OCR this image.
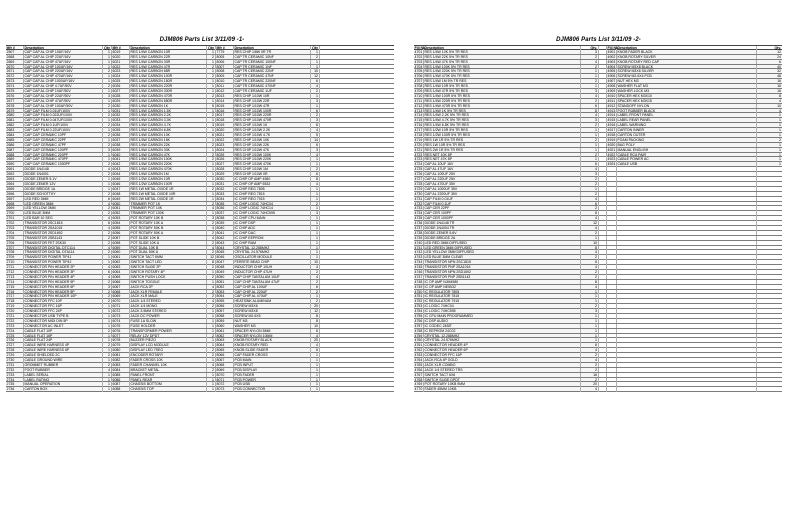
DJM806 Parts List 3/11/09 -1-
Mfr #	Description	Qty Mfr #	Description	Qty Mfr #	Description	Qty
2507	CAP CAP AL CHIP 10UF/16V	1 6019	RES 1/4W CARBON 10R	1 7779	RES CHIP 1/8W 0R TR	1
2668	CAP CAP AL CHIP 22UF/16V	1 6020	RES 1/4W CARBON 22R	2 8005	CAP TR CERAMIC 10NF	2
2669	CAP CAP AL CHIP 47UF/16V	1 6021	RES 1/4W CARBON 33R	1 8006	CAP TR CERAMIC 100NF	1
2670	CAP CAP AL CHIP 100UF/16V	1 6022	RES 1/4W CARBON 47R	2 8007	CAP TR CERAMIC 1NF	1
2671	CAP CAP AL CHIP 220UF/16V	2 6023	RES 1/4W CARBON 68R	1 8008	CAP TR CERAMIC 22NF	10
2672	CAP CAP AL CHIP 470UF/16V	1 6024	RES 1/4W CARBON 100R	2 8009	CAP TR CERAMIC 47NF	12
2673	CAP CAP AL CHIP 1000UF/16V	1 6025	RES 1/4W CARBON 150R	1 8010	CAP TR CERAMIC 220NF	6
2674	CAP CAP AL CHIP 4.7UF/50V	2 6026	RES 1/4W CARBON 220R	1 8011	CAP TR CERAMIC 470NF	4
2675	CAP CAP AL CHIP 10UF/50V	1 6027	RES 1/4W CARBON 330R	1 8012	CAP TR CERAMIC 1UF	2
2676	CAP CAP AL CHIP 22UF/50V	3 6028	RES 1/4W CARBON 470R	2 8013	RES CHIP 1/10W 10R	1
2677	CAP CAP AL CHIP 47UF/50V	1 6029	RES 1/4W CARBON 680R	1 8014	RES CHIP 1/10W 22R	3
2678	CAP CAP AL CHIP 100UF/50V	2 6030	RES 1/4W CARBON 1K	5 8015	RES CHIP 1/10W 47R	1
2679	CAP CAP FILM 0.01UF/100V	1 6031	RES 1/4W CARBON 1.5K	1 8016	RES CHIP 1/10W 100R	6
2680	CAP CAP FILM 0.022UF/100V	2 6032	RES 1/4W CARBON 2.2K	2 8017	RES CHIP 1/10W 220R	2
2681	CAP CAP FILM 0.047UF/100V	1 6033	RES 1/4W CARBON 3.3K	1 8018	RES CHIP 1/10W 470R	3
2682	CAP CAP FILM 0.1UF/100V	2 6034	RES 1/4W CARBON 4.7K	3 8019	RES CHIP 1/10W 1K	8
2683	CAP CAP FILM 0.22UF/100V	1 6035	RES 1/4W CARBON 6.8K	1 8020	RES CHIP 1/10W 2.2K	4
2684	CAP CAP CERAMIC 10PF	2 6036	RES 1/4W CARBON 10K	6 8021	RES CHIP 1/10W 4.7K	5
2685	CAP CAP CERAMIC 22PF	1 6037	RES 1/4W CARBON 15K	1 8022	RES CHIP 1/10W 10K	14
2686	CAP CAP CERAMIC 47PF	2 6038	RES 1/4W CARBON 22K	2 8023	RES CHIP 1/10W 22K	6
2687	CAP CAP CERAMIC 100PF	3 6039	RES 1/4W CARBON 33K	1 8024	RES CHIP 1/10W 47K	3
2688	CAP CAP CERAMIC 220PF	1 6040	RES 1/4W CARBON 47K	2 8025	RES CHIP 1/10W 100K	4
2689	CAP CAP CERAMIC 470PF	1 6041	RES 1/4W CARBON 100K	2 8026	RES CHIP 1/10W 220K	1
2690	CAP CAP CERAMIC 1000PF	2 6042	RES 1/4W CARBON 220K	1 8027	RES CHIP 1/10W 470K	1
2691	DIODE 1N4148	4 6043	RES 1/4W CARBON 470K	1 8028	RES CHIP 1/10W 1M	2
2692	DIODE 1N4001	2 6044	RES 1/4W CARBON 1M	1 8029	RES CHIP 1/10W 0R	6
2693	DIODE ZENER 5.1V	1 6045	RES 1/2W CARBON 10R	1 8030	IC CHIP OP AMP 4580	8
2694	DIODE ZENER 12V	1 6046	RES 1/2W CARBON 100R	1 8031	IC CHIP OP AMP 5532	4
2695	DIODE BRIDGE 1A	1 6047	RES 1W METAL OXIDE 1R	2 8032	IC CHIP REG 7805	1
2696	DIODE SCHOTTKY	2 6048	RES 1W METAL OXIDE 10R	1 8033	IC CHIP REG 7815	1
2697	LED RED 3MM	6 6049	RES 2W METAL OXIDE 1R	1 8034	IC CHIP REG 7915	1
2698	LED GREEN 3MM	4 6050	TRIMMER POT 1K	2 8035	IC CHIP LOGIC 74HC04	2
2699	LED YELLOW 3MM	2 6051	TRIMMER POT 10K	4 8036	IC CHIP LOGIC 74HC14	1
2700	LED BLUE 3MM	2 6052	TRIMMER POT 100K	1 8037	IC CHIP LOGIC 74HC595	3
2701	LED BAR 10 SEG	4 6053	POT ROTARY 10K B	3 8038	IC CHIP CPU MAIN	1
2702	TRANSISTOR 2SC1815	6 6054	POT ROTARY 10K A	2 8039	IC CHIP DSP	1
2703	TRANSISTOR 2SA1015	4 6055	POT ROTARY 50K B	4 8040	IC CHIP ADC	1
2704	TRANSISTOR 2SD1692	2 6056	POT ROTARY 50K A	2 8041	IC CHIP DAC	1
2705	TRANSISTOR 2SB1143	2 6057	POT SLIDE 10K B	4 8042	IC CHIP EEPROM	1
2706	TRANSISTOR FET 2SK30	2 6058	POT SLIDE 10K A	2 8043	IC CHIP RAM	1
2707	TRANSISTOR DIGITAL DTC114	4 6059	POT DUAL 10K B	4 8044	CRYSTAL 12.288MHZ	1
2708	TRANSISTOR DIGITAL DTA114	2 6060	POT DUAL 50K A	2 8045	CRYSTAL 24.576MHZ	1
2709	TRANSISTOR POWER TIP41	1 6061	SWITCH TACT 6MM	12 8046	OSCILLATOR MODULE	1
2710	TRANSISTOR POWER TIP42	1 6062	SWITCH TACT LED	8 8047	FERRITE BEAD CHIP	10
2711	CONNECTOR PIN HEADER 2P	4 6063	SWITCH SLIDE 2P	2 8048	INDUCTOR CHIP 10UH	4
2712	CONNECTOR PIN HEADER 3P	6 6064	SWITCH ROTARY 4P	1 8049	INDUCTOR CHIP 47UH	2
2713	CONNECTOR PIN HEADER 4P	4 6065	SWITCH PUSH LOCK	2 8050	CAP CHIP TANTALUM 10UF	4
2714	CONNECTOR PIN HEADER 5P	2 6066	SWITCH TOGGLE	1 8051	CAP CHIP TANTALUM 47UF	2
2715	CONNECTOR PIN HEADER 6P	3 6067	JACK RCA 2P	4 8052	CAP CHIP AL 100UF	6
2716	CONNECTOR PIN HEADER 8P	2 6068	JACK XLR FEMALE	2 8053	CAP CHIP AL 220UF	2
2717	CONNECTOR PIN HEADER 10P	2 6069	JACK XLR MALE	2 8054	CAP CHIP AL 470UF	1
2718	CONNECTOR FFC 10P	2 6070	JACK 1/4 STEREO	4 8055	HEATSINK ALUMINUM	2
2719	CONNECTOR FFC 16P	1 6071	JACK 1/4 MONO	2 8056	SCREW M3X6	20
2720	CONNECTOR FFC 24P	1 6072	JACK 3.5MM STEREO	1 8057	SCREW M3X8	12
2721	CONNECTOR USB TYPE B	1 6073	JACK DC POWER	1 8058	SCREW M2.6X5	8
2722	CONNECTOR MIDI DIN 5P	1 6074	FUSE 1A SLOW	1 8059	NUT M3	8
2723	CONNECTOR AC INLET	1 6075	FUSE HOLDER	1 8060	WASHER M3	10
2724	CABLE FLAT 10P	2 6076	TRANSFORMER POWER	1 8061	SPACER NYLON 5MM	6
2725	CABLE FLAT 16P	1 6077	RELAY 12V DPDT	2 8062	SPACER NYLON 10MM	4
2726	CABLE FLAT 24P	1 6078	BUZZER PIEZO	1 8063	KNOB ROTARY BLACK	20
2727	CABLE WIRE HARNESS 4P	2 6079	DISPLAY LCD MODULE	1 8064	KNOB ROTARY RED	4
2728	CABLE WIRE HARNESS 6P	1 6080	DISPLAY LED 7SEG	2 8065	KNOB SLIDE FADER	6
2729	CABLE SHIELDED 2C	2 6081	ENCODER ROTARY	2 8066	CAP FADER CROSS	1
2730	CABLE GROUND WIRE	1 6082	FADER CROSS 10K	1 8067	PCB MAIN	1
2731	GROMMET RUBBER	2 6083	FADER CHANNEL 10K	4 8068	PCB INPUT	1
2732	FOOT RUBBER	4 6084	BRACKET METAL	2 8069	PCB DISPLAY	1
2733	LABEL SERIAL	1 6085	PANEL FRONT	1 8070	PCB FADER	1
2734	LABEL RATING	1 6086	PANEL REAR	1 8071	PCB POWER	1
2735	MANUAL OPERATION	1 6087	CHASSIS BOTTOM	1 8072	PCB USB	1
2736	CARTON BOX	1 6088	CHASSIS TOP	1 8073	PCB CONNECTOR	1
DJM806 Parts List 3/11/09 -2-
Fill No.
Description	Qty.	Fill No.
Description	Qty.
4701 RES 1/4W 10K 5% TR RES	3	4901 KNOB FADER BLACK	12
4702 RES 1/4W 22K 5% TR RES	2	4902 KNOB ROTARY SILVER	24
4703 RES 1/4W 47K 5% TR RES	4	4903 KNOB ROTARY RED CAP	6
4704 RES 1/4W 100K 5% TR RES	2	4904 SCREW M3X8 BLACK	40
4705 RES 1/4W 220K 5% TR RES	1	4905 SCREW M3X6 SILVER	32
4706 RES 1/4W 470K 5% TR RES	1	4906 SCREW M2.6X4 PCB	48
4707 RES 1/4W 1M 5% TR RES	2	4907 NUT HEX M3	16
4708 RES 1/4W 10R 5% TR RES	1	4908 WASHER FLAT M3	16
4709 RES 1/4W 47R 5% TR RES	3	4909 WASHER LOCK M3	16
4710 RES 1/4W 100R 5% TR RES	4	4910 SPACER HEX M3X10	8
4711 RES 1/4W 220R 5% TR RES	2	4911 SPACER HEX M3X15	4
4712 RES 1/4W 470R 5% TR RES	6	4912 STANDOFF NYLON	10
4713 RES 1/4W 1K 5% TR RES	8	4913 FOOT RUBBER BLACK	4
4714 RES 1/4W 2.2K 5% TR RES	4	4914 LABEL FRONT PANEL	1
4715 RES 1/4W 4.7K 5% TR RES	3	4915 LABEL REAR PANEL	1
4716 RES 1/4W 6.8K 5% TR RES	2	4916 LABEL WARNING	1
4717 RES 1/2W 10R 5% TR RES	1	4917 CARTON INNER	1
4718 RES 1/2W 100R 5% TR RES	1	4918 CARTON OUTER	1
4719 RES 1W 1R 5% TR RES	2	4919 FOAM PACKING	2
4720 RES 1W 10R 5% TR RES	1	4920 BAG POLY	1
4721 RES 2W 1R 5% TR RES	1	4921 MANUAL ENGLISH	1
4722 RES NET 10K 8P	2	4922 CABLE RCA PAIR	1
4723 RES NET 47K 8P	1	4923 CABLE POWER AC	1
4724 CAP AL 10UF 16V	6	4924 CABLE USB	1
4725 CAP AL 47UF 16V	4
4726 CAP AL 100UF 25V	3
4727 CAP AL 220UF 25V	2
4728 CAP AL 470UF 35V	2
4729 CAP AL 1000UF 35V	1
4730 CAP AL 2200UF 35V	2
4731 CAP FILM 0.01UF	4
4732 CAP FILM 0.1UF	6
4733 CAP CER 22PF	2
4734 CAP CER 100PF	8
4735 CAP CER 1000PF	4
4736 DIODE 1N4148 TR	12
4737 DIODE 1N4004 TR	4
4738 DIODE ZENER 5.6V	2
4739 DIODE BRIDGE 2A	1
4740 LED RED 3MM DIFFUSED	10
4741 LED GREEN 3MM DIFFUSED	8
4742 LED YELLOW 3MM DIFFUSED	4
4743 LED BLUE 3MM CLEAR	2
4744 TRANSISTOR NPN 2SC1815	6
4745 TRANSISTOR PNP 2SA1015	4
4746 TRANSISTOR NPN 2SD1692	2
4747 TRANSISTOR PNP 2SB1143	2
4748 IC OP AMP NJM4580	8
4749 IC OP AMP NE5532	4
4750 IC REGULATOR 7805	1
4751 IC REGULATOR 7815	1
4752 IC REGULATOR 7915	1
4753 IC LOGIC 74HC04	2
4754 IC LOGIC 74HC595	3
4755 IC CPU MAIN PROGRAMMED	1
4756 IC DSP AUDIO	1
4757 IC CODEC 24BIT	1
4758 IC EEPROM 24C02	1
4759 CRYSTAL 12.288MHZ	1
4760 CRYSTAL 24.576MHZ	1
4761 CONNECTOR HEADER 4P	6
4762 CONNECTOR HEADER 6P	4
4763 CONNECTOR FFC 16P	2
4764 JACK RCA 4P GOLD	4
4765 JACK XLR COMBO	2
4766 JACK 1/4 STEREO TRS	2
4767 SWITCH TACT 6X6	16
4768 SWITCH SLIDE DPDT	2
4769 POT ROTARY 10KB 9MM	20
4770 FADER 45MM 10KB	4
